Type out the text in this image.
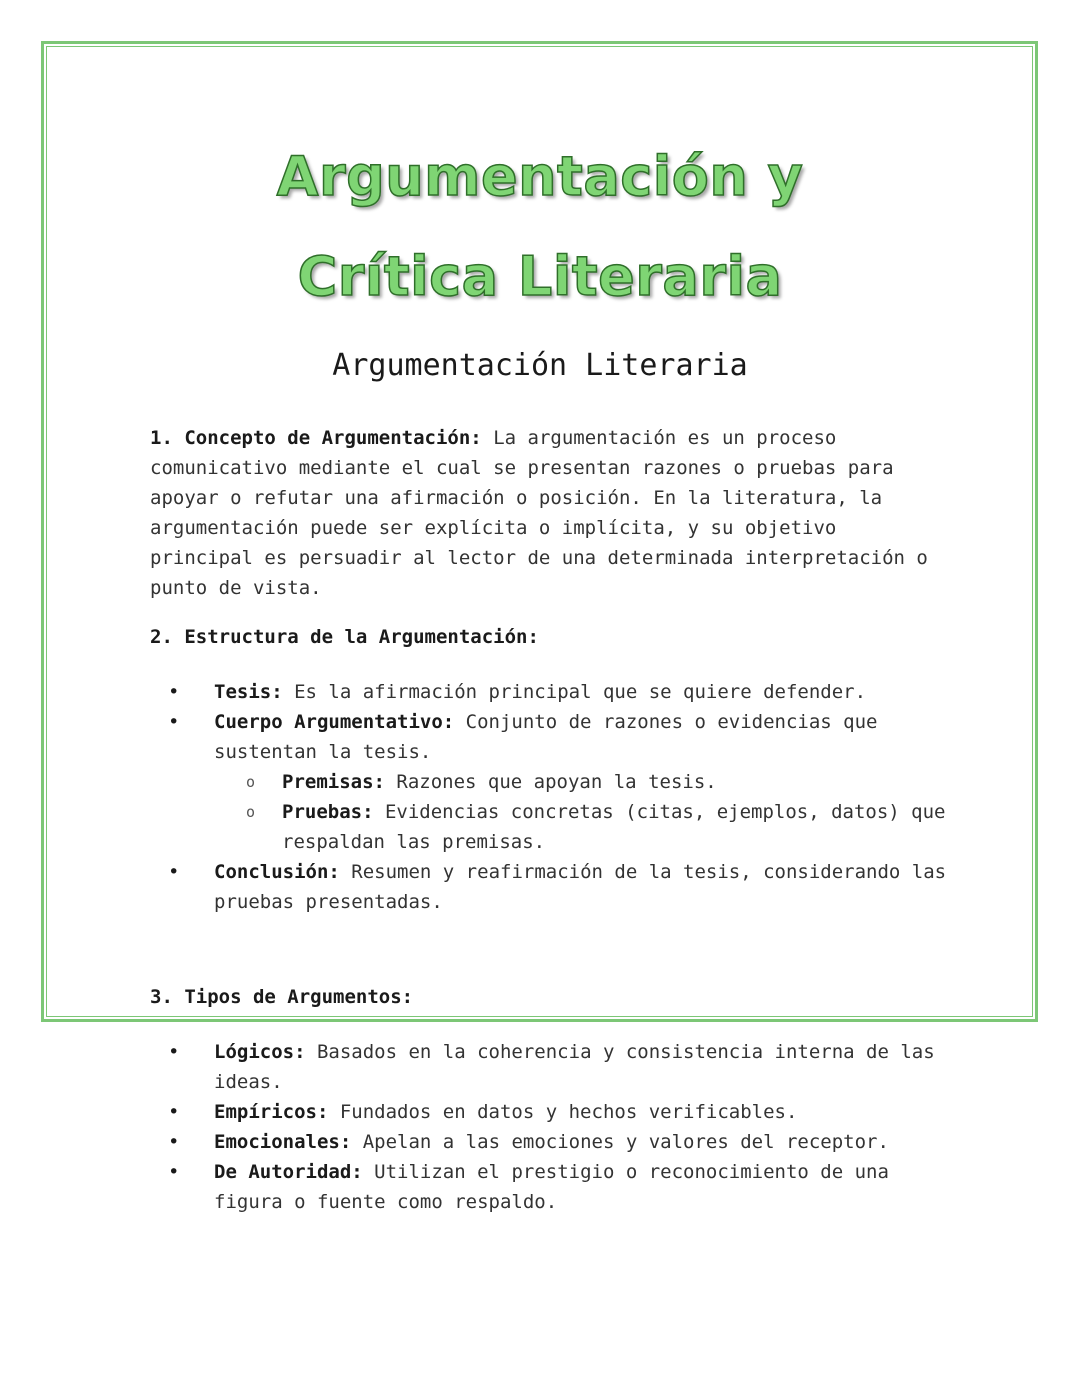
Argumentación y
Crítica Literaria
Argumentación Literaria

1. Concepto de Argumentación: La argumentación es un proceso comunicativo mediante el cual se presentan razones o pruebas para apoyar o refutar una afirmación o posición. En la literatura, la argumentación puede ser explícita o implícita, y su objetivo principal es persuadir al lector de una determinada interpretación o punto de vista.

2. Estructura de la Argumentación:
• Tesis: Es la afirmación principal que se quiere defender.
• Cuerpo Argumentativo: Conjunto de razones o evidencias que sustentan la tesis.
o Premisas: Razones que apoyan la tesis.
o Pruebas: Evidencias concretas (citas, ejemplos, datos) que respaldan las premisas.
• Conclusión: Resumen y reafirmación de la tesis, considerando las pruebas presentadas.
3. Tipos de Argumentos:
• Lógicos: Basados en la coherencia y consistencia interna de las ideas.
• Empíricos: Fundados en datos y hechos verificables.
• Emocionales: Apelan a las emociones y valores del receptor.
• De Autoridad: Utilizan el prestigio o reconocimiento de una figura o fuente como respaldo.
